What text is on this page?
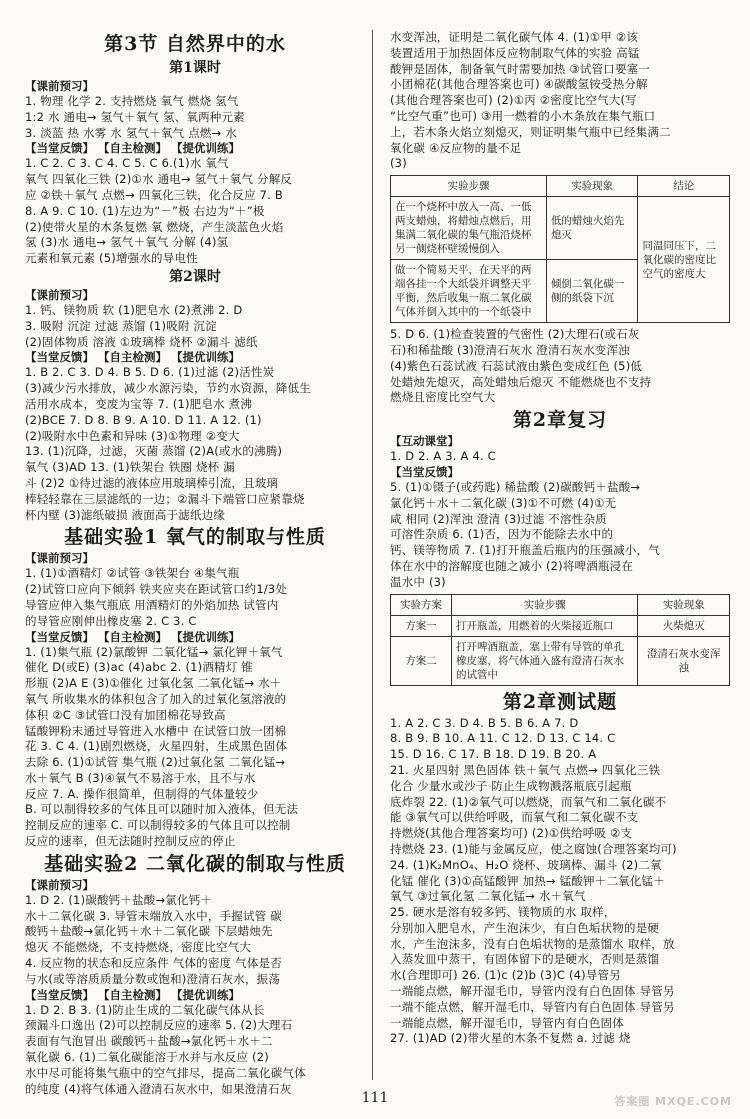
第3节 自然界中的水
第1课时
【课前预习】
1. 物理 化学 2. 支持燃烧 氧气 燃烧 氢气
1:2 水 通电→ 氢气＋氧气 氢、氧两种元素
3. 淡蓝 热 水雾 水 氢气＋氧气 点燃→ 水
【当堂反馈】 【自主检测】 【提优训练】
1. C 2. C 3. C 4. C 5. C 6.(1)水 氧气
氧气 四氧化三铁 (2)①水 通电→ 氢气＋氧气 分解反
应 ②铁＋氧气 点燃→ 四氧化三铁，化合反应 7. B
8. A 9. C 10. (1)左边为“－”极 右边为“＋”极
(2)使带火星的木条复燃 氧 燃烧，产生淡蓝色火焰
氢 (3)水 通电→ 氢气＋氧气 分解 (4)氢
元素和氧元素 (5)增强水的导电性
第2课时
【课前预习】
1. 钙、镁物质 软 (1)肥皂水 (2)煮沸 2. D
3. 吸附 沉淀 过滤 蒸馏 (1)吸附 沉淀
(2)固体物质 溶液 ①玻璃棒 烧杯 ②漏斗 滤纸
【当堂反馈】 【自主检测】 【提优训练】
1. B 2. C 3. D 4. B 5. D 6. (1)过滤 (2)活性炭
(3)减少污水排放，减少水源污染，节约水资源，降低生
活用水成本，变废为宝等 7. (1)肥皂水 煮沸
(2)BCE 7. D 8. B 9. A 10. D 11. A 12. (1)
(2)吸附水中色素和异味 (3)①物理 ②变大
13. (1)沉降，过滤，灭菌 蒸馏 (2)A(或水的沸腾)
氧气 (3)AD 13. (1)铁架台 铁圈 烧杯 漏
斗 (2)2 ①待过滤的液体应用玻璃棒引流，且玻璃
棒轻轻靠在三层滤纸的一边；②漏斗下端管口应紧靠烧
杯内壁 (3)滤纸破损 液面高于滤纸边缘
基础实验1 氧气的制取与性质
【课前预习】
1. (1)①酒精灯 ②试管 ③铁架台 ④集气瓶
(2)试管口应向下倾斜 铁夹应夹在距试管口约1/3处
导管应伸入集气瓶底 用酒精灯的外焰加热 试管内
的导管应刚伸出橡皮塞 2. C 3. C
【当堂反馈】 【自主检测】 【提优训练】
1. (1)集气瓶 (2)氯酸钾 二氧化锰→ 氯化钾＋氧气
催化 D(或E) (3)ac (4)abc 2. (1)酒精灯 锥
形瓶 (2)A E (3)①催化 过氧化氢 二氧化锰→ 水＋
氧气 所收集水的体积包含了加入的过氧化氢溶液的
体积 ②C ③试管口没有加团棉花导致高
锰酸钾粉末通过导管进入水槽中 在试管口放一团棉
花 3. C 4. (1)剧烈燃烧，火星四射，生成黑色固体
去除 6. (1)①试管 集气瓶 (2)过氧化氢 二氧化锰→
水＋氧气 B (3)④氧气不易溶于水，且不与水
反应 7. A. 操作很简单，但制得的气体量较少
B. 可以制得较多的气体且可以随时加入液体，但无法
控制反应的速率 C. 可以制得较多的气体且可以控制
反应的速率，但无法随时控制反应的停止
基础实验2 二氧化碳的制取与性质
【课前预习】
1. D 2. (1)碳酸钙＋盐酸→氯化钙＋
水＋二氧化碳 3. 导管末端放入水中，手握试管 碳
酸钙＋盐酸→氯化钙＋水＋二氧化碳 下层蜡烛先
熄灭 不能燃烧，不支持燃烧，密度比空气大
4. 反应物的状态和反应条件 气体的密度 气体是否
与水(或等溶质质量分数或饱和)澄清石灰水，振荡
【当堂反馈】 【自主检测】 【提优训练】
1. D 2. B 3. (1)防止生成的二氧化碳气体从长
颈漏斗口逸出 (2)可以控制反应的速率 5. (2)大理石
表面有气泡冒出 碳酸钙＋盐酸→氯化钙＋水＋二
氧化碳 6. (1)二氧化碳能溶于水并与水反应 (2)
水中尽可能将集气瓶中的空气排尽，提高二氧化碳气体
的纯度 (4)将气体通入澄清石灰水中，如果澄清石灰
水变浑浊，证明是二氧化碳气体 4. (1)①甲 ②该
装置适用于加热固体反应物制取气体的实验 高锰
酸钾是固体，制备氧气时需要加热 ③试管口要塞一
小团棉花(其他合理答案也可) ④碳酸氢铵受热分解
(其他合理答案也可) (2)①丙 ②密度比空气大(写
“比空气重”也可) ③用一燃着的小木条放在集气瓶口
上，若木条火焰立刻熄灭，则证明集气瓶中已经集满二
氧化碳 ④反应物的量不足
(3)
实验步骤	实验现象	结论
在一个烧杯中放入一高、一低两支蜡烛，将蜡烛点燃后，用集满二氧化碳的集气瓶沿烧杯另一侧烧杯壁缓慢倒入	低的蜡烛火焰先熄灭	同温同压下，二氧化碳的密度比空气的密度大
做一个简易天平，在天平的两端各挂一个大纸袋并调整天平平衡，然后收集一瓶二氧化碳气体并倒入其中的一个纸袋中	倾倒二氧化碳一侧的纸袋下沉	
5. D 6. (1)检查装置的气密性 (2)大理石(或石灰
石)和稀盐酸 (3)澄清石灰水 澄清石灰水变浑浊
(4)紫色石蕊试液 石蕊试液由紫色变成红色 (5)低
处蜡烛先熄灭，高处蜡烛后熄灭 不能燃烧也不支持
燃烧且密度比空气大
第2章复习
【互动课堂】
1. D 2. A 3. A 4. C
【当堂反馈】
5. (1)①镊子(或药匙) 稀盐酸 (2)碳酸钙＋盐酸→
氯化钙＋水＋二氧化碳 (3)①不可燃 (4)①无
咸 相同 (2)浑浊 澄清 (3)过滤 不溶性杂质
可溶性杂质 6. (1)否，因为不能除去水中的
钙、镁等物质 7. (1)打开瓶盖后瓶内的压强减小，气
体在水中的溶解度也随之减小 (2)将啤酒瓶浸在
温水中 (3)
实验方案	实验步骤	实验现象
方案一	打开瓶盖，用燃着的火柴接近瓶口	火柴熄灭
方案二	打开啤酒瓶盖，塞上带有导管的单孔橡皮塞，将气体通入盛有澄清石灰水的试管中	澄清石灰水变浑浊
第2章测试题
1. A 2. C 3. D 4. B 5. B 6. A 7. D
8. B 9. B 10. A 11. C 12. D 13. C 14. C
15. D 16. C 17. B 18. D 19. B 20. A
21. 火星四射 黑色固体 铁＋氧气 点燃→ 四氧化三铁
化合 少量水或沙子 防止生成物溅落瓶底引起瓶
底炸裂 22. (1)②氧气可以燃烧，而氧气和二氧化碳不
能 ③氧气可以供给呼吸，而氧气和二氧化碳不支
持燃烧(其他合理答案均可) (2)①供给呼吸 ②支
持燃烧 23. (1)能与金属反应，使之腐蚀(合理答案均可)
24. (1)K₂MnO₄、H₂O 烧杯、玻璃棒、漏斗 (2)二氧
化锰 催化 (3)①高锰酸钾 加热→ 锰酸钾＋二氧化锰＋
氧气 ③过氧化氢 二氧化锰→ 水＋氧气
25. 硬水是溶有较多钙、镁物质的水 取样，
分别加入肥皂水，产生泡沫少，有白色垢状物的是硬
水，产生泡沫多，没有白色垢状物的是蒸馏水 取样，放
入蒸发皿中蒸干，有固体留下的是硬水，否则是蒸馏
水(合理即可) 26. (1)c (2)b (3)C (4)导管另
一端能点燃，解开湿毛巾，导管内没有白色固体 导管另
一端不能点燃，解开湿毛巾，导管内有白色固体 导管另
一端能点燃，解开湿毛巾，导管内有白色固体
27. (1)AD (2)带火星的木条不复燃 a. 过滤 烧
111	答案圈 MXQE.COM
